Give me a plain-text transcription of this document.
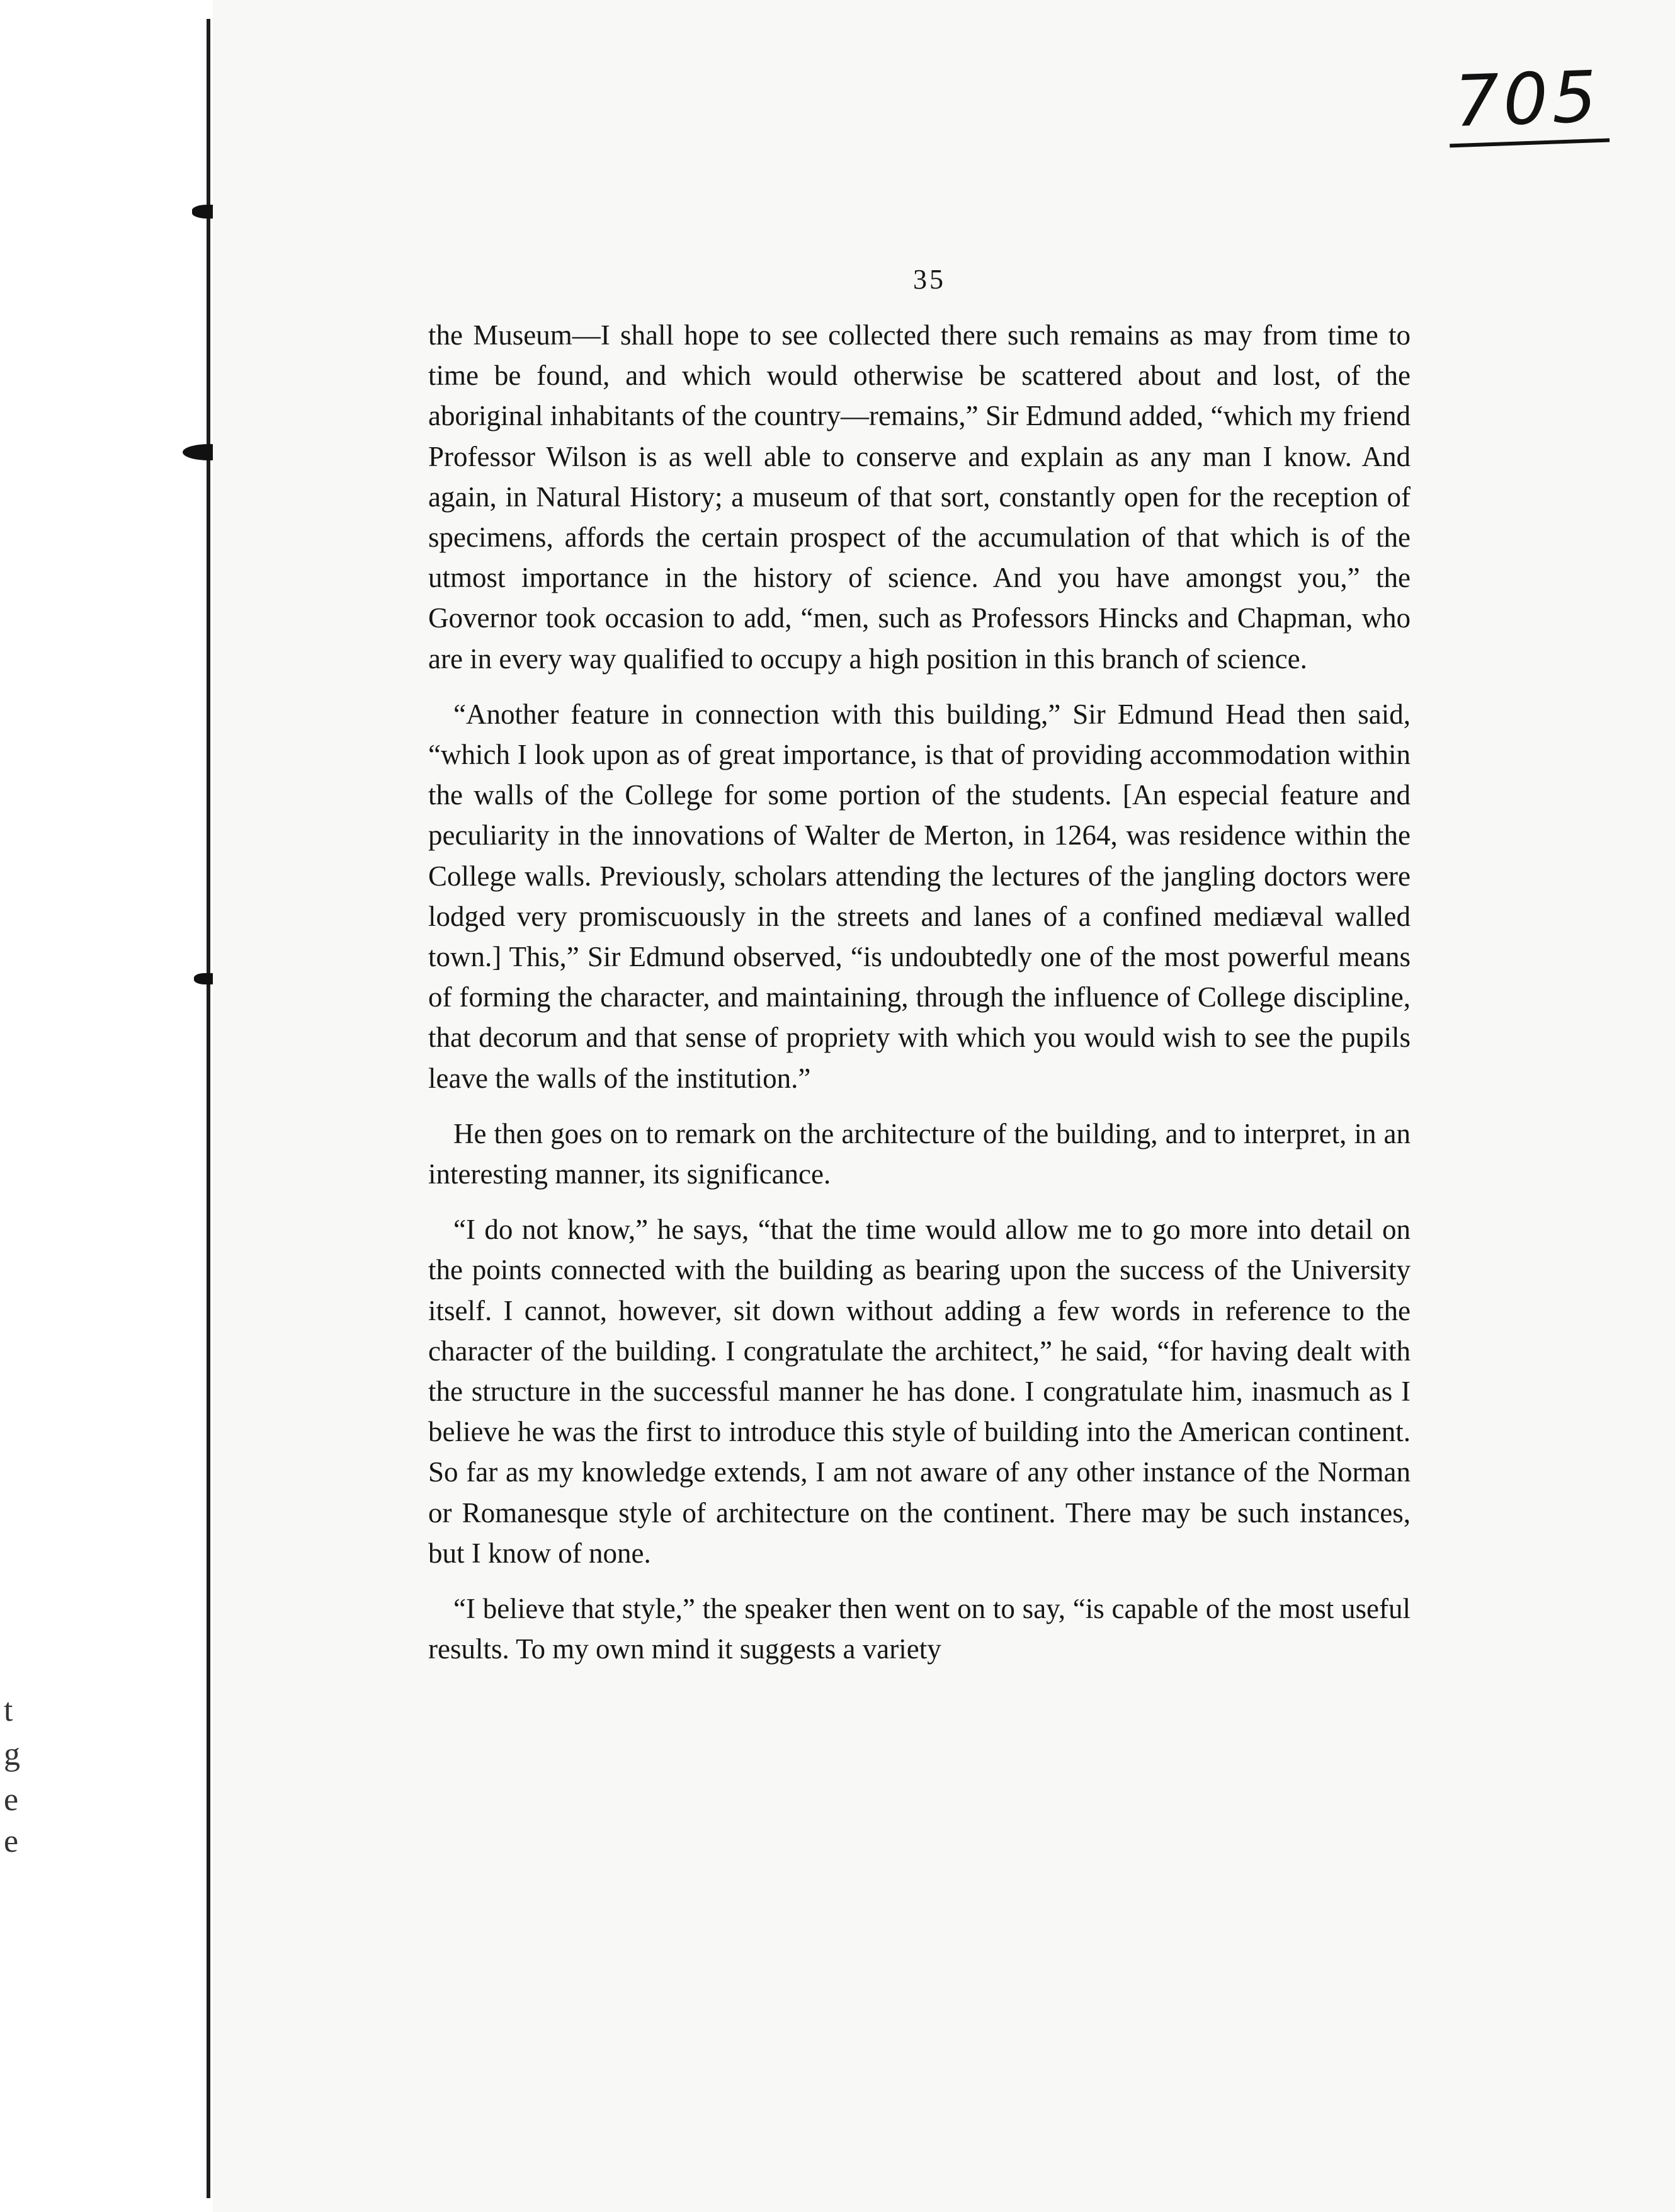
t
g
e
e
705
35

the Museum—I shall hope to see collected there such remains as may from time to time be found, and which would otherwise be scattered about and lost, of the aboriginal inhabitants of the country—remains,” Sir Edmund added, “which my friend Professor Wilson is as well able to conserve and explain as any man I know. And again, in Natural History; a museum of that sort, constantly open for the reception of specimens, affords the certain prospect of the accumulation of that which is of the utmost importance in the history of science. And you have amongst you,” the Governor took occasion to add, “men, such as Professors Hincks and Chapman, who are in every way qualified to occupy a high position in this branch of science.

“Another feature in connection with this building,” Sir Edmund Head then said, “which I look upon as of great importance, is that of providing accommodation within the walls of the College for some portion of the students. [An especial feature and peculiarity in the innovations of Walter de Merton, in 1264, was residence within the College walls. Previously, scholars attending the lectures of the jangling doctors were lodged very promiscuously in the streets and lanes of a confined mediæval walled town.] This,” Sir Edmund observed, “is undoubtedly one of the most powerful means of forming the character, and maintaining, through the influence of College discipline, that decorum and that sense of propriety with which you would wish to see the pupils leave the walls of the institution.”

He then goes on to remark on the architecture of the building, and to interpret, in an interesting manner, its significance.

“I do not know,” he says, “that the time would allow me to go more into detail on the points connected with the building as bearing upon the success of the University itself. I cannot, however, sit down without adding a few words in reference to the character of the building. I congratulate the architect,” he said, “for having dealt with the structure in the successful manner he has done. I congratulate him, inasmuch as I believe he was the first to introduce this style of building into the American continent. So far as my knowledge extends, I am not aware of any other instance of the Norman or Romanesque style of architecture on the continent. There may be such instances, but I know of none.

“I believe that style,” the speaker then went on to say, “is capable of the most useful results. To my own mind it suggests a variety
